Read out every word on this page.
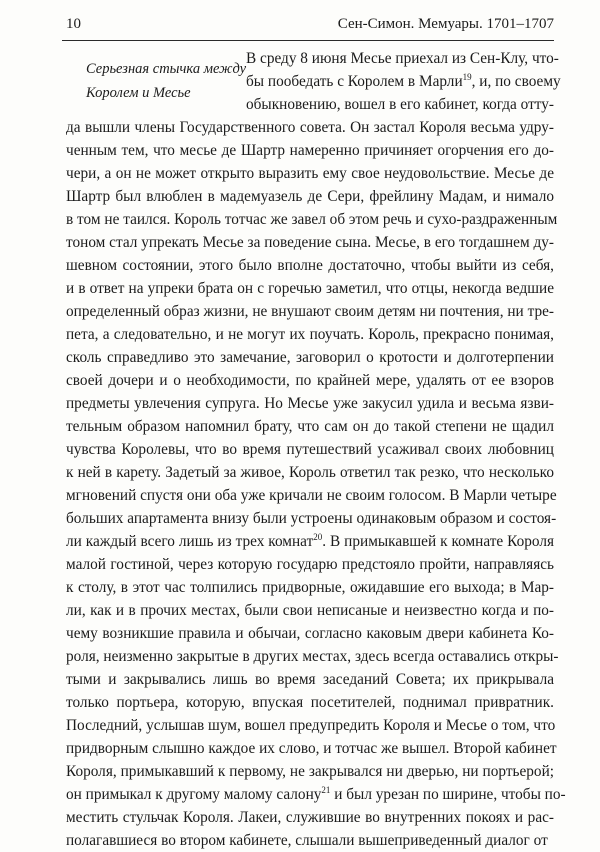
10	Сен-Симон. Мемуары. 1701–1707
Серьезная стычка между
Королем и Месье
В среду 8 июня Месье приехал из Сен-Клу, что-
бы пообедать с Королем в Марли$^{19}$, и, по своему
обыкновению, вошел в его кабинет, когда отту-
да вышли члены Государственного совета. Он застал Короля весьма удру-
ченным тем, что месье де Шартр намеренно причиняет огорчения его до-
чери, а он не может открыто выразить ему свое неудовольствие. Месье де
Шартр был влюблен в мадемуазель де Сери, фрейлину Мадам, и нимало
в том не таился. Король тотчас же завел об этом речь и сухо-раздраженным
тоном стал упрекать Месье за поведение сына. Месье, в его тогдашнем ду-
шевном состоянии, этого было вполне достаточно, чтобы выйти из себя,
и в ответ на упреки брата он с горечью заметил, что отцы, некогда ведшие
определенный образ жизни, не внушают своим детям ни почтения, ни тре-
пета, а следовательно, и не могут их поучать. Король, прекрасно понимая,
сколь справедливо это замечание, заговорил о кротости и долготерпении
своей дочери и о необходимости, по крайней мере, удалять от ее взоров
предметы увлечения супруга. Но Месье уже закусил удила и весьма язви-
тельным образом напомнил брату, что сам он до такой степени не щадил
чувства Королевы, что во время путешествий усаживал своих любовниц
к ней в карету. Задетый за живое, Король ответил так резко, что несколько
мгновений спустя они оба уже кричали не своим голосом. В Марли четыре
больших апартамента внизу были устроены одинаковым образом и состоя-
ли каждый всего лишь из трех комнат$^{20}$. В примыкавшей к комнате Короля
малой гостиной, через которую государю предстояло пройти, направляясь
к столу, в этот час толпились придворные, ожидавшие его выхода; в Мар-
ли, как и в прочих местах, были свои неписаные и неизвестно когда и по-
чему возникшие правила и обычаи, согласно каковым двери кабинета Ко-
роля, неизменно закрытые в других местах, здесь всегда оставались откры-
тыми и закрывались лишь во время заседаний Совета; их прикрывала
только портьера, которую, впуская посетителей, поднимал привратник.
Последний, услышав шум, вошел предупредить Короля и Месье о том, что
придворным слышно каждое их слово, и тотчас же вышел. Второй кабинет
Короля, примыкавший к первому, не закрывался ни дверью, ни портьерой;
он примыкал к другому малому салону$^{21}$ и был урезан по ширине, чтобы по-
местить стульчак Короля. Лакеи, служившие во внутренних покоях и рас-
полагавшиеся во втором кабинете, слышали вышеприведенный диалог от
